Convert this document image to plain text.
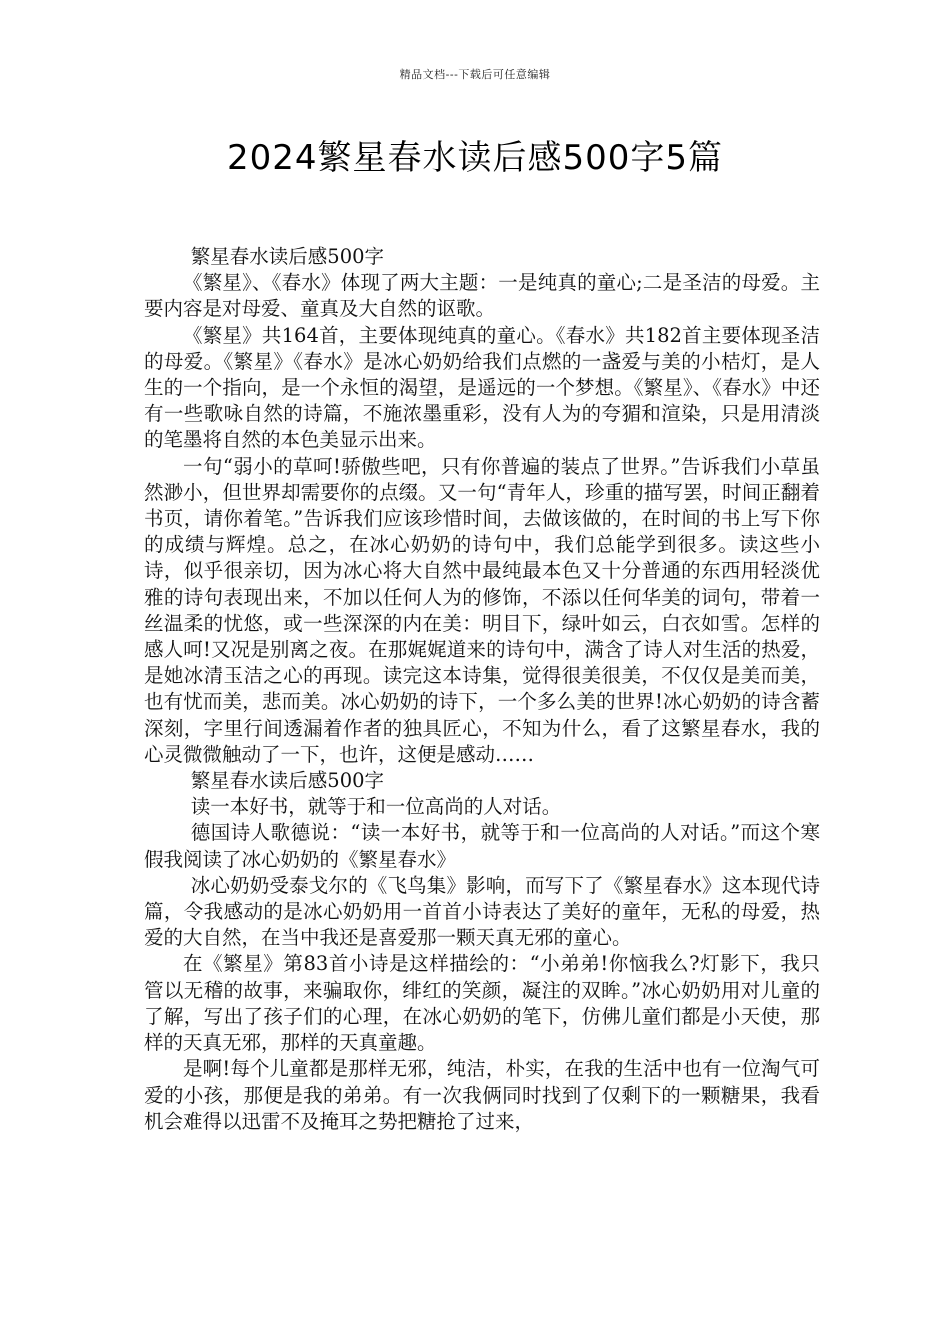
精品文档---下载后可任意编辑
2024繁星春水读后感500字5篇

繁星春水读后感500字

《繁星》、《春水》体现了两大主题：一是纯真的童心;二是圣洁的母爱。主要内容是对母爱、童真及大自然的讴歌。

《繁星》共164首，主要体现纯真的童心。《春水》共182首主要体现圣洁的母爱。《繁星》《春水》是冰心奶奶给我们点燃的一盏爱与美的小桔灯，是人生的一个指向，是一个永恒的渴望，是遥远的一个梦想。《繁星》、《春水》中还有一些歌咏自然的诗篇，不施浓墨重彩，没有人为的夸猸和渲染，只是用清淡的笔墨将自然的本色美显示出来。

一句“弱小的草呵!骄傲些吧，只有你普遍的装点了世界。”告诉我们小草虽然渺小，但世界却需要你的点缀。又一句“青年人，珍重的描写罢，时间正翻着书页，请你着笔。”告诉我们应该珍惜时间，去做该做的，在时间的书上写下你的成绩与辉煌。总之，在冰心奶奶的诗句中，我们总能学到很多。读这些小诗，似乎很亲切，因为冰心将大自然中最纯最本色又十分普通的东西用轻淡优雅的诗句表现出来，不加以任何人为的修饰，不添以任何华美的词句，带着一丝温柔的忧悠，或一些深深的内在美：明目下，绿叶如云，白衣如雪。怎样的感人呵!又况是别离之夜。在那娓娓道来的诗句中，满含了诗人对生活的热爱，是她冰清玉洁之心的再现。读完这本诗集，觉得很美很美，不仅仅是美而美，也有忧而美，悲而美。冰心奶奶的诗下，一个多么美的世界!冰心奶奶的诗含蓄深刻，字里行间透漏着作者的独具匠心，不知为什么，看了这繁星春水，我的心灵微微触动了一下，也许，这便是感动……

繁星春水读后感500字

读一本好书，就等于和一位高尚的人对话。

德国诗人歌德说：“读一本好书，就等于和一位高尚的人对话。”而这个寒假我阅读了冰心奶奶的《繁星春水》

冰心奶奶受泰戈尔的《飞鸟集》影响，而写下了《繁星春水》这本现代诗篇，令我感动的是冰心奶奶用一首首小诗表达了美好的童年，无私的母爱，热爱的大自然，在当中我还是喜爱那一颗天真无邪的童心。

在《繁星》第83首小诗是这样描绘的：“小弟弟!你恼我么?灯影下，我只管以无稽的故事，来骗取你，绯红的笑颜，凝注的双眸。”冰心奶奶用对儿童的了解，写出了孩子们的心理，在冰心奶奶的笔下，仿佛儿童们都是小天使，那样的天真无邪，那样的天真童趣。

是啊!每个儿童都是那样无邪，纯洁，朴实，在我的生活中也有一位淘气可爱的小孩，那便是我的弟弟。有一次我俩同时找到了仅剩下的一颗糖果，我看机会难得以迅雷不及掩耳之势把糖抢了过来，
